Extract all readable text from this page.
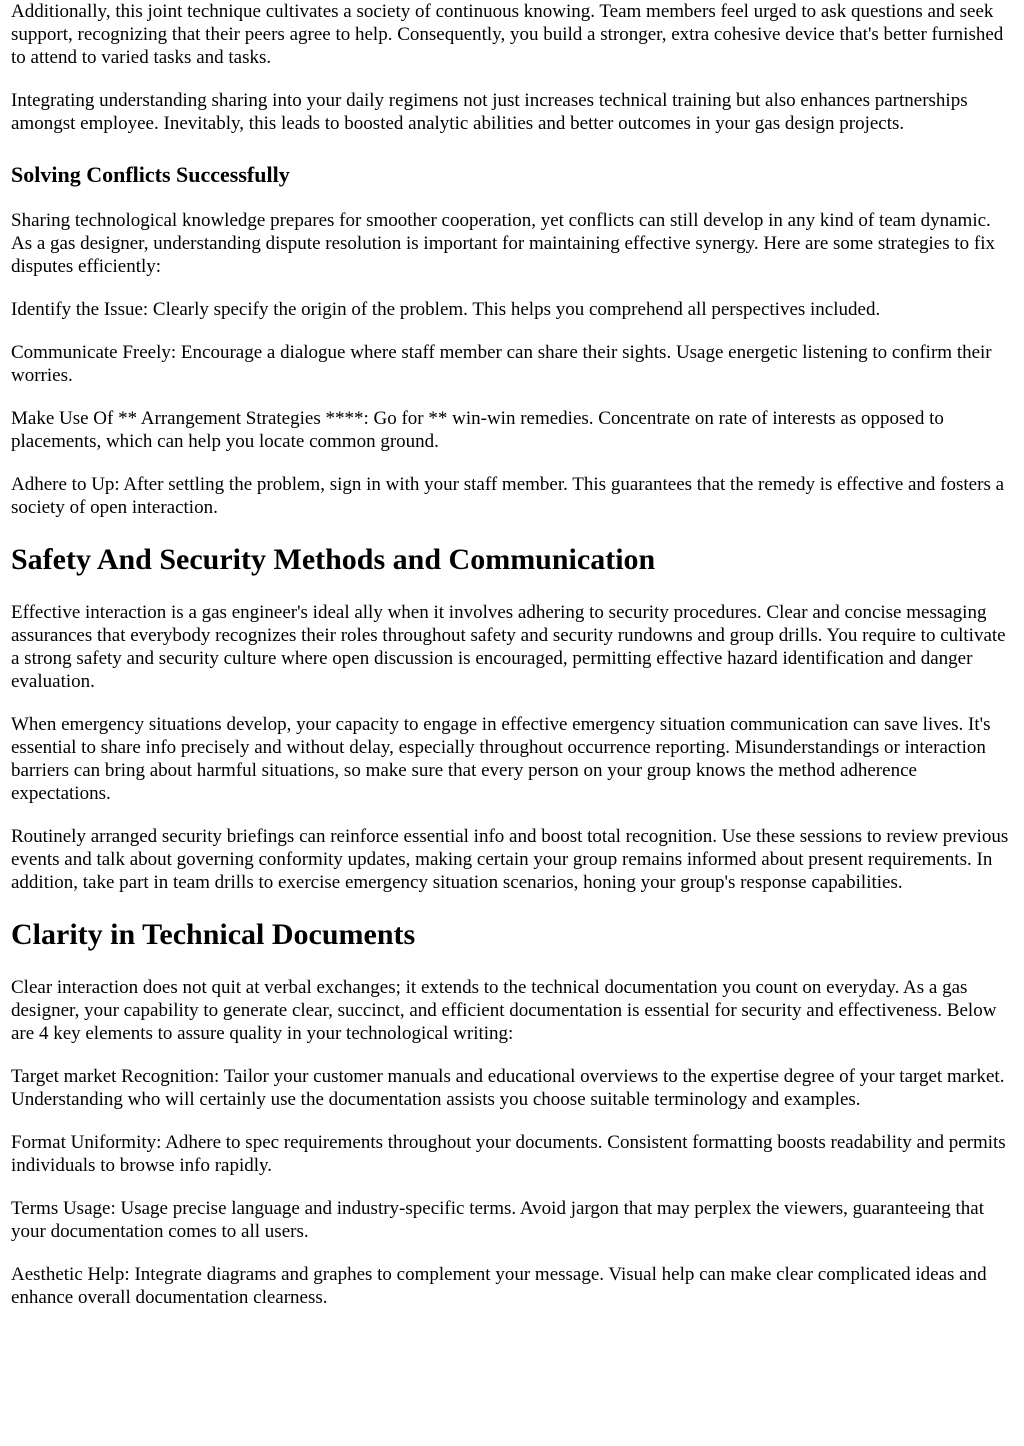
Additionally, this joint technique cultivates a society of continuous knowing. Team members feel urged to ask questions and seek support, recognizing that their peers agree to help. Consequently, you build a stronger, extra cohesive device that's better furnished to attend to varied tasks and tasks.

Integrating understanding sharing into your daily regimens not just increases technical training but also enhances partnerships amongst employee. Inevitably, this leads to boosted analytic abilities and better outcomes in your gas design projects.

Solving Conflicts Successfully

Sharing technological knowledge prepares for smoother cooperation, yet conflicts can still develop in any kind of team dynamic. As a gas designer, understanding dispute resolution is important for maintaining effective synergy. Here are some strategies to fix disputes efficiently:

Identify the Issue: Clearly specify the origin of the problem. This helps you comprehend all perspectives included.

Communicate Freely: Encourage a dialogue where staff member can share their sights. Usage energetic listening to confirm their worries.

Make Use Of ** Arrangement Strategies ****: Go for ** win-win remedies. Concentrate on rate of interests as opposed to placements, which can help you locate common ground.

Adhere to Up: After settling the problem, sign in with your staff member. This guarantees that the remedy is effective and fosters a society of open interaction.

Safety And Security Methods and Communication

Effective interaction is a gas engineer's ideal ally when it involves adhering to security procedures. Clear and concise messaging assurances that everybody recognizes their roles throughout safety and security rundowns and group drills. You require to cultivate a strong safety and security culture where open discussion is encouraged, permitting effective hazard identification and danger evaluation.

When emergency situations develop, your capacity to engage in effective emergency situation communication can save lives. It's essential to share info precisely and without delay, especially throughout occurrence reporting. Misunderstandings or interaction barriers can bring about harmful situations, so make sure that every person on your group knows the method adherence expectations.

Routinely arranged security briefings can reinforce essential info and boost total recognition. Use these sessions to review previous events and talk about governing conformity updates, making certain your group remains informed about present requirements. In addition, take part in team drills to exercise emergency situation scenarios, honing your group's response capabilities.

Clarity in Technical Documents

Clear interaction does not quit at verbal exchanges; it extends to the technical documentation you count on everyday. As a gas designer, your capability to generate clear, succinct, and efficient documentation is essential for security and effectiveness. Below are 4 key elements to assure quality in your technological writing:

Target market Recognition: Tailor your customer manuals and educational overviews to the expertise degree of your target market. Understanding who will certainly use the documentation assists you choose suitable terminology and examples.

Format Uniformity: Adhere to spec requirements throughout your documents. Consistent formatting boosts readability and permits individuals to browse info rapidly.

Terms Usage: Usage precise language and industry-specific terms. Avoid jargon that may perplex the viewers, guaranteeing that your documentation comes to all users.

Aesthetic Help: Integrate diagrams and graphes to complement your message. Visual help can make clear complicated ideas and enhance overall documentation clearness.
